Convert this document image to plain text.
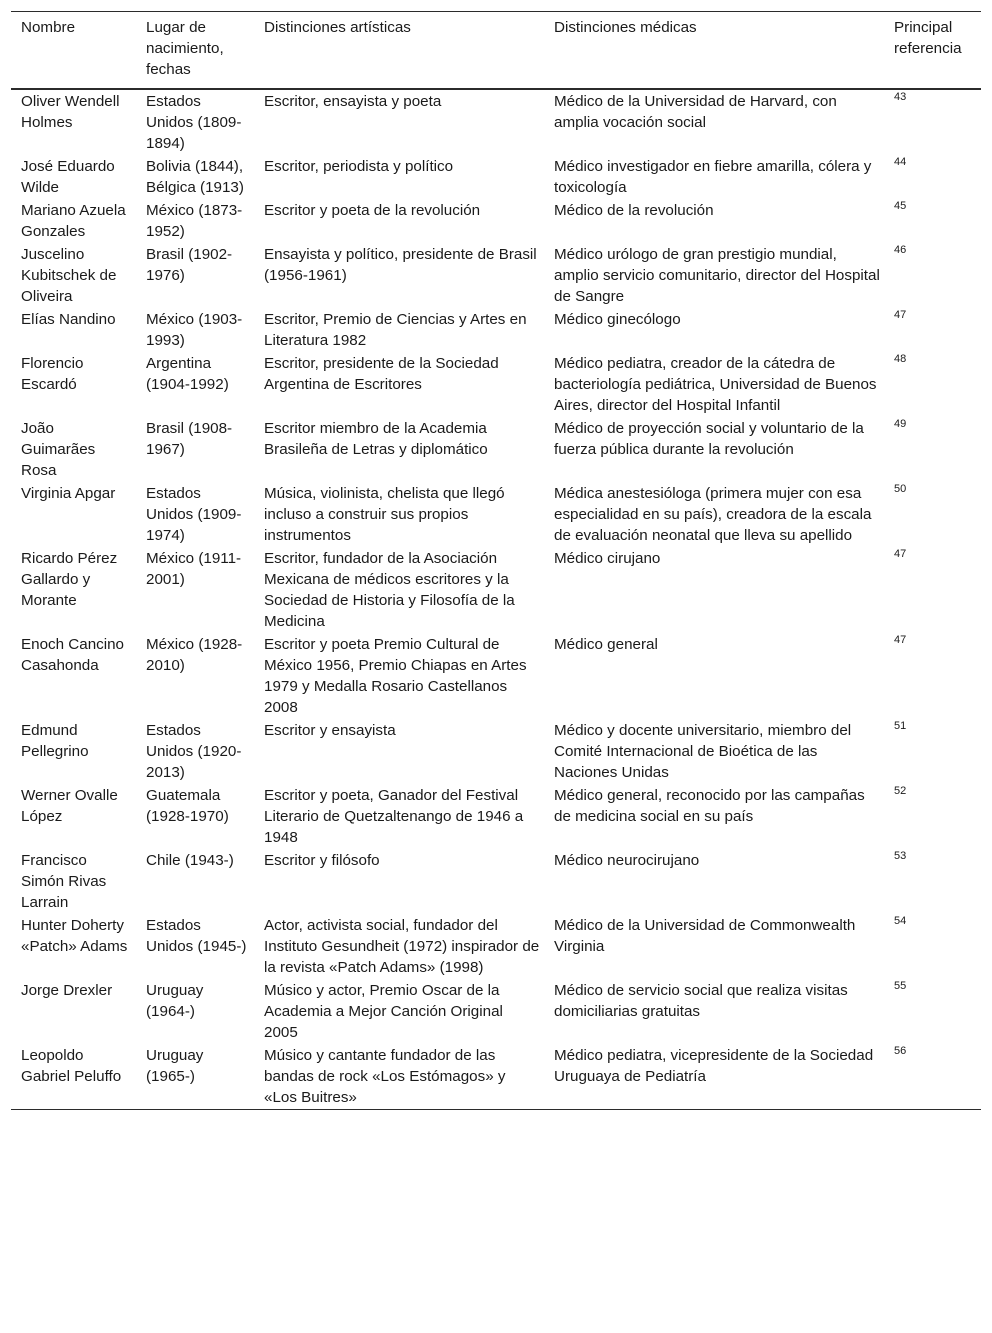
Nombre	Lugar de nacimiento, fechas	Distinciones artísticas	Distinciones médicas	Principal referencia
Oliver Wendell Holmes	Estados Unidos (1809-1894)	Escritor, ensayista y poeta	Médico de la Universidad de Harvard, con amplia vocación social	43
José Eduardo Wilde	Bolivia (1844), Bélgica (1913)	Escritor, periodista y político	Médico investigador en fiebre amarilla, cólera y toxicología	44
Mariano Azuela Gonzales	México (1873-1952)	Escritor y poeta de la revolución	Médico de la revolución	45
Juscelino Kubitschek de Oliveira	Brasil (1902-1976)	Ensayista y político, presidente de Brasil (1956-1961)	Médico urólogo de gran prestigio mundial, amplio servicio comunitario, director del Hospital de Sangre	46
Elías Nandino	México (1903-1993)	Escritor, Premio de Ciencias y Artes en Literatura 1982	Médico ginecólogo	47
Florencio Escardó	Argentina (1904-1992)	Escritor, presidente de la Sociedad Argentina de Escritores	Médico pediatra, creador de la cátedra de bacteriología pediátrica, Universidad de Buenos Aires, director del Hospital Infantil	48
João Guimarães Rosa	Brasil (1908-1967)	Escritor miembro de la Academia Brasileña de Letras y diplomático	Médico de proyección social y voluntario de la fuerza pública durante la revolución	49
Virginia Apgar	Estados Unidos (1909-1974)	Música, violinista, chelista que llegó incluso a construir sus propios instrumentos	Médica anestesióloga (primera mujer con esa especialidad en su país), creadora de la escala de evaluación neonatal que lleva su apellido	50
Ricardo Pérez Gallardo y Morante	México (1911-2001)	Escritor, fundador de la Asociación Mexicana de médicos escritores y la Sociedad de Historia y Filosofía de la Medicina	Médico cirujano	47
Enoch Cancino Casahonda	México (1928-2010)	Escritor y poeta Premio Cultural de México 1956, Premio Chiapas en Artes 1979 y Medalla Rosario Castellanos 2008	Médico general	47
Edmund Pellegrino	Estados Unidos (1920-2013)	Escritor y ensayista	Médico y docente universitario, miembro del Comité Internacional de Bioética de las Naciones Unidas	51
Werner Ovalle López	Guatemala (1928-1970)	Escritor y poeta, Ganador del Festival Literario de Quetzaltenango de 1946 a 1948	Médico general, reconocido por las campañas de medicina social en su país	52
Francisco Simón Rivas Larrain	Chile (1943-)	Escritor y filósofo	Médico neurocirujano	53
Hunter Doherty «Patch» Adams	Estados Unidos (1945-)	Actor, activista social, fundador del Instituto Gesundheit (1972) inspirador de la revista «Patch Adams» (1998)	Médico de la Universidad de Commonwealth Virginia	54
Jorge Drexler	Uruguay (1964-)	Músico y actor, Premio Oscar de la Academia a Mejor Canción Original 2005	Médico de servicio social que realiza visitas domiciliarias gratuitas	55
Leopoldo Gabriel Peluffo	Uruguay (1965-)	Músico y cantante fundador de las bandas de rock «Los Estómagos» y «Los Buitres»	Médico pediatra, vicepresidente de la Sociedad Uruguaya de Pediatría	56
